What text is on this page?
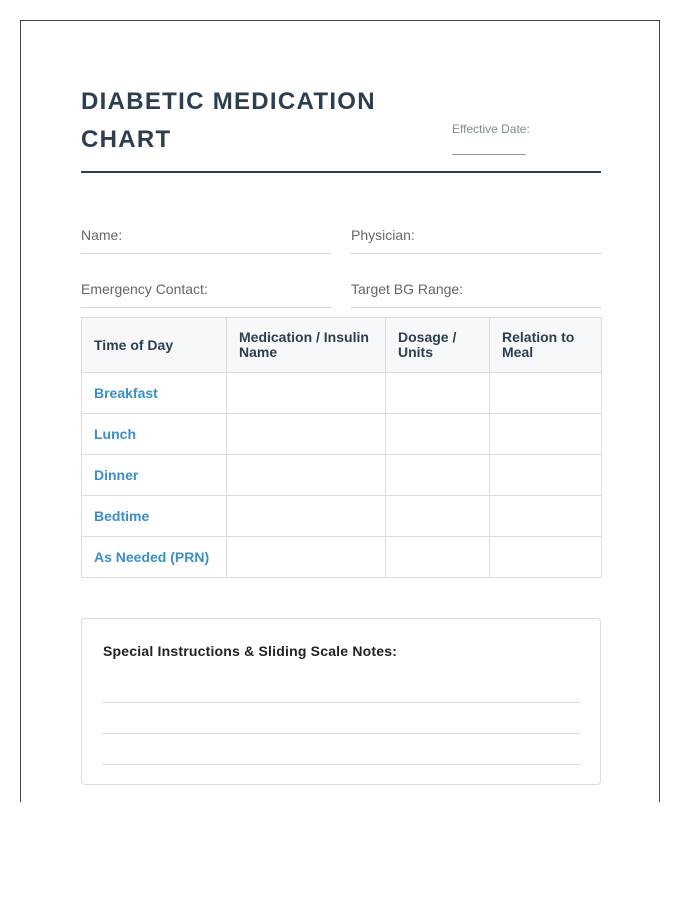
DIABETIC MEDICATION CHART	Effective Date:
Name:	Physician:
Emergency Contact:	Target BG Range:
Time of Day	Medication / Insulin Name	Dosage / Units	Relation to Meal
Breakfast			
Lunch			
Dinner			
Bedtime			
As Needed (PRN)			
Special Instructions & Sliding Scale Notes:
